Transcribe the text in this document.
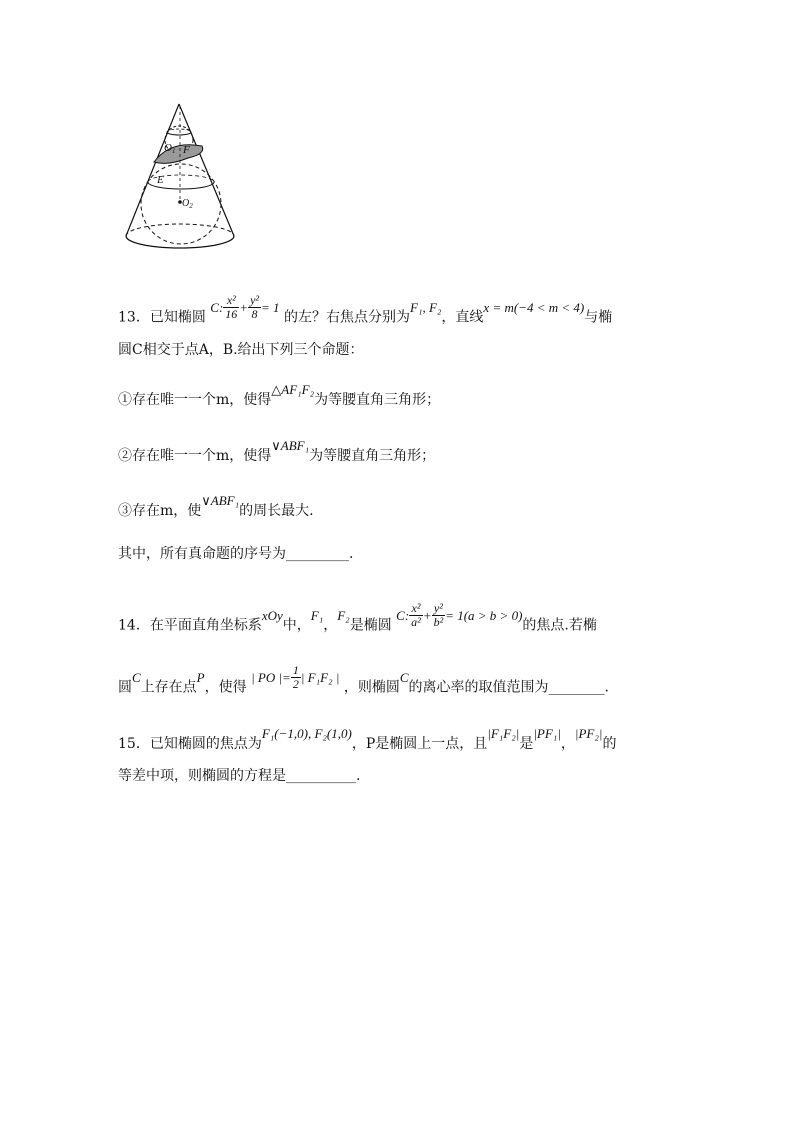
O1 F
E
$O_2$
13．已知椭圆 C: $\frac{\text{x²}}{16} + \frac{\text{y²}}{8} = 1$ 的左？右焦点分别为F₁, F₂，直线x = m(−4 < m < 4)与椭
圆C相交于点A，B.给出下列三个命题：
①存在唯一一个m，使得△AF₁F₂为等腰直角三角形；
②存在唯一一个m，使得∨ABF₁为等腰直角三角形；
③存在m，使∨ABF₁的周长最大.
其中，所有真命题的序号为_________.
14．在平面直角坐标系xOy中，F₁，F₂是椭圆 C: $\frac{\text{x²}}{\text{a²}} + \frac{\text{y²}}{\text{b²}} = 1(a > b > 0)$的焦点.若椭
圆C上存在点P，使得 | PO |= $\frac{1}{2}$ | F₁F₂ | ，则椭圆C的离心率的取值范围为________.
15．已知椭圆的焦点为F₁(−1,0), F₂(1,0)，P是椭圆上一点，且|F₁F₂|是|PF₁|，|PF₂|的
等差中项，则椭圆的方程是__________.
